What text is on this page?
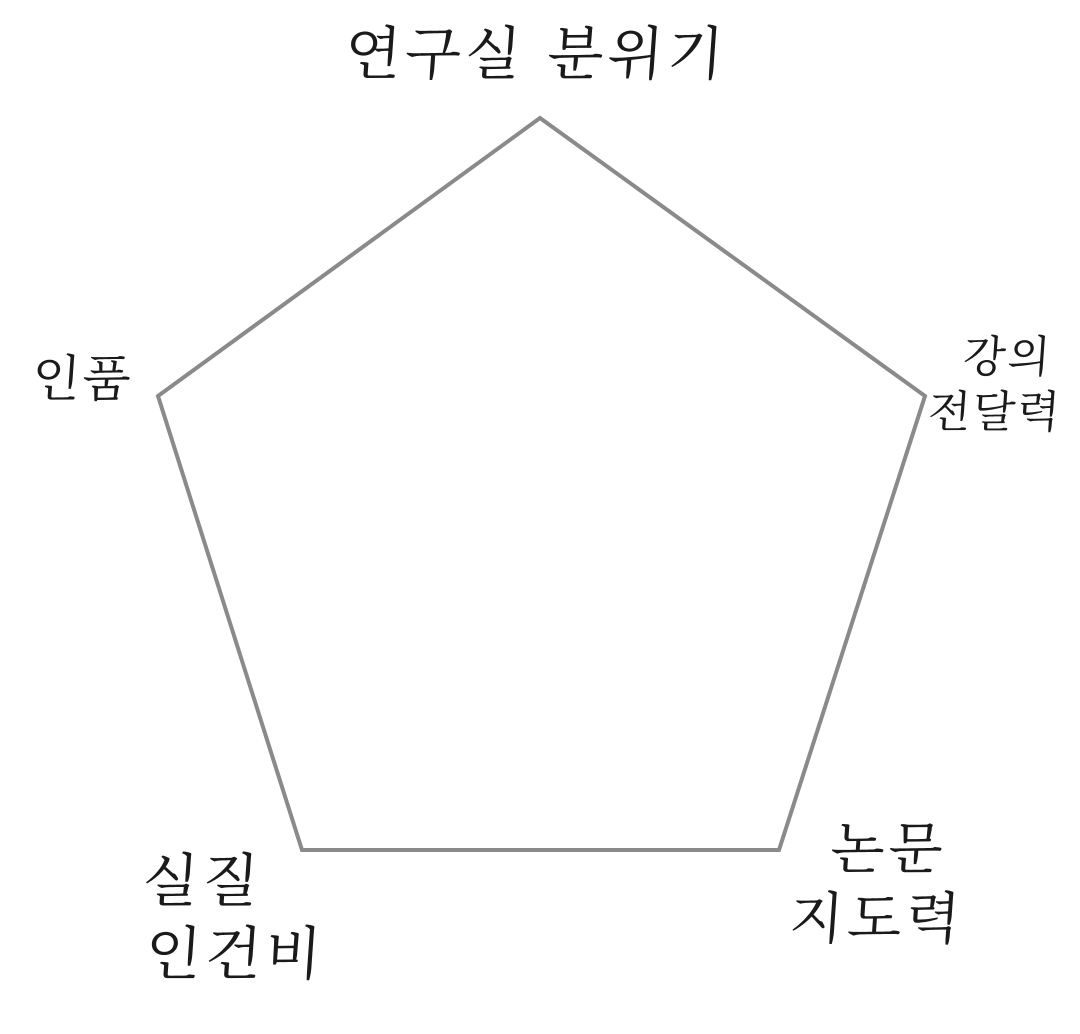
연구실 분위기
강의
전달력
논문
지도력
실질
인건비
인품
